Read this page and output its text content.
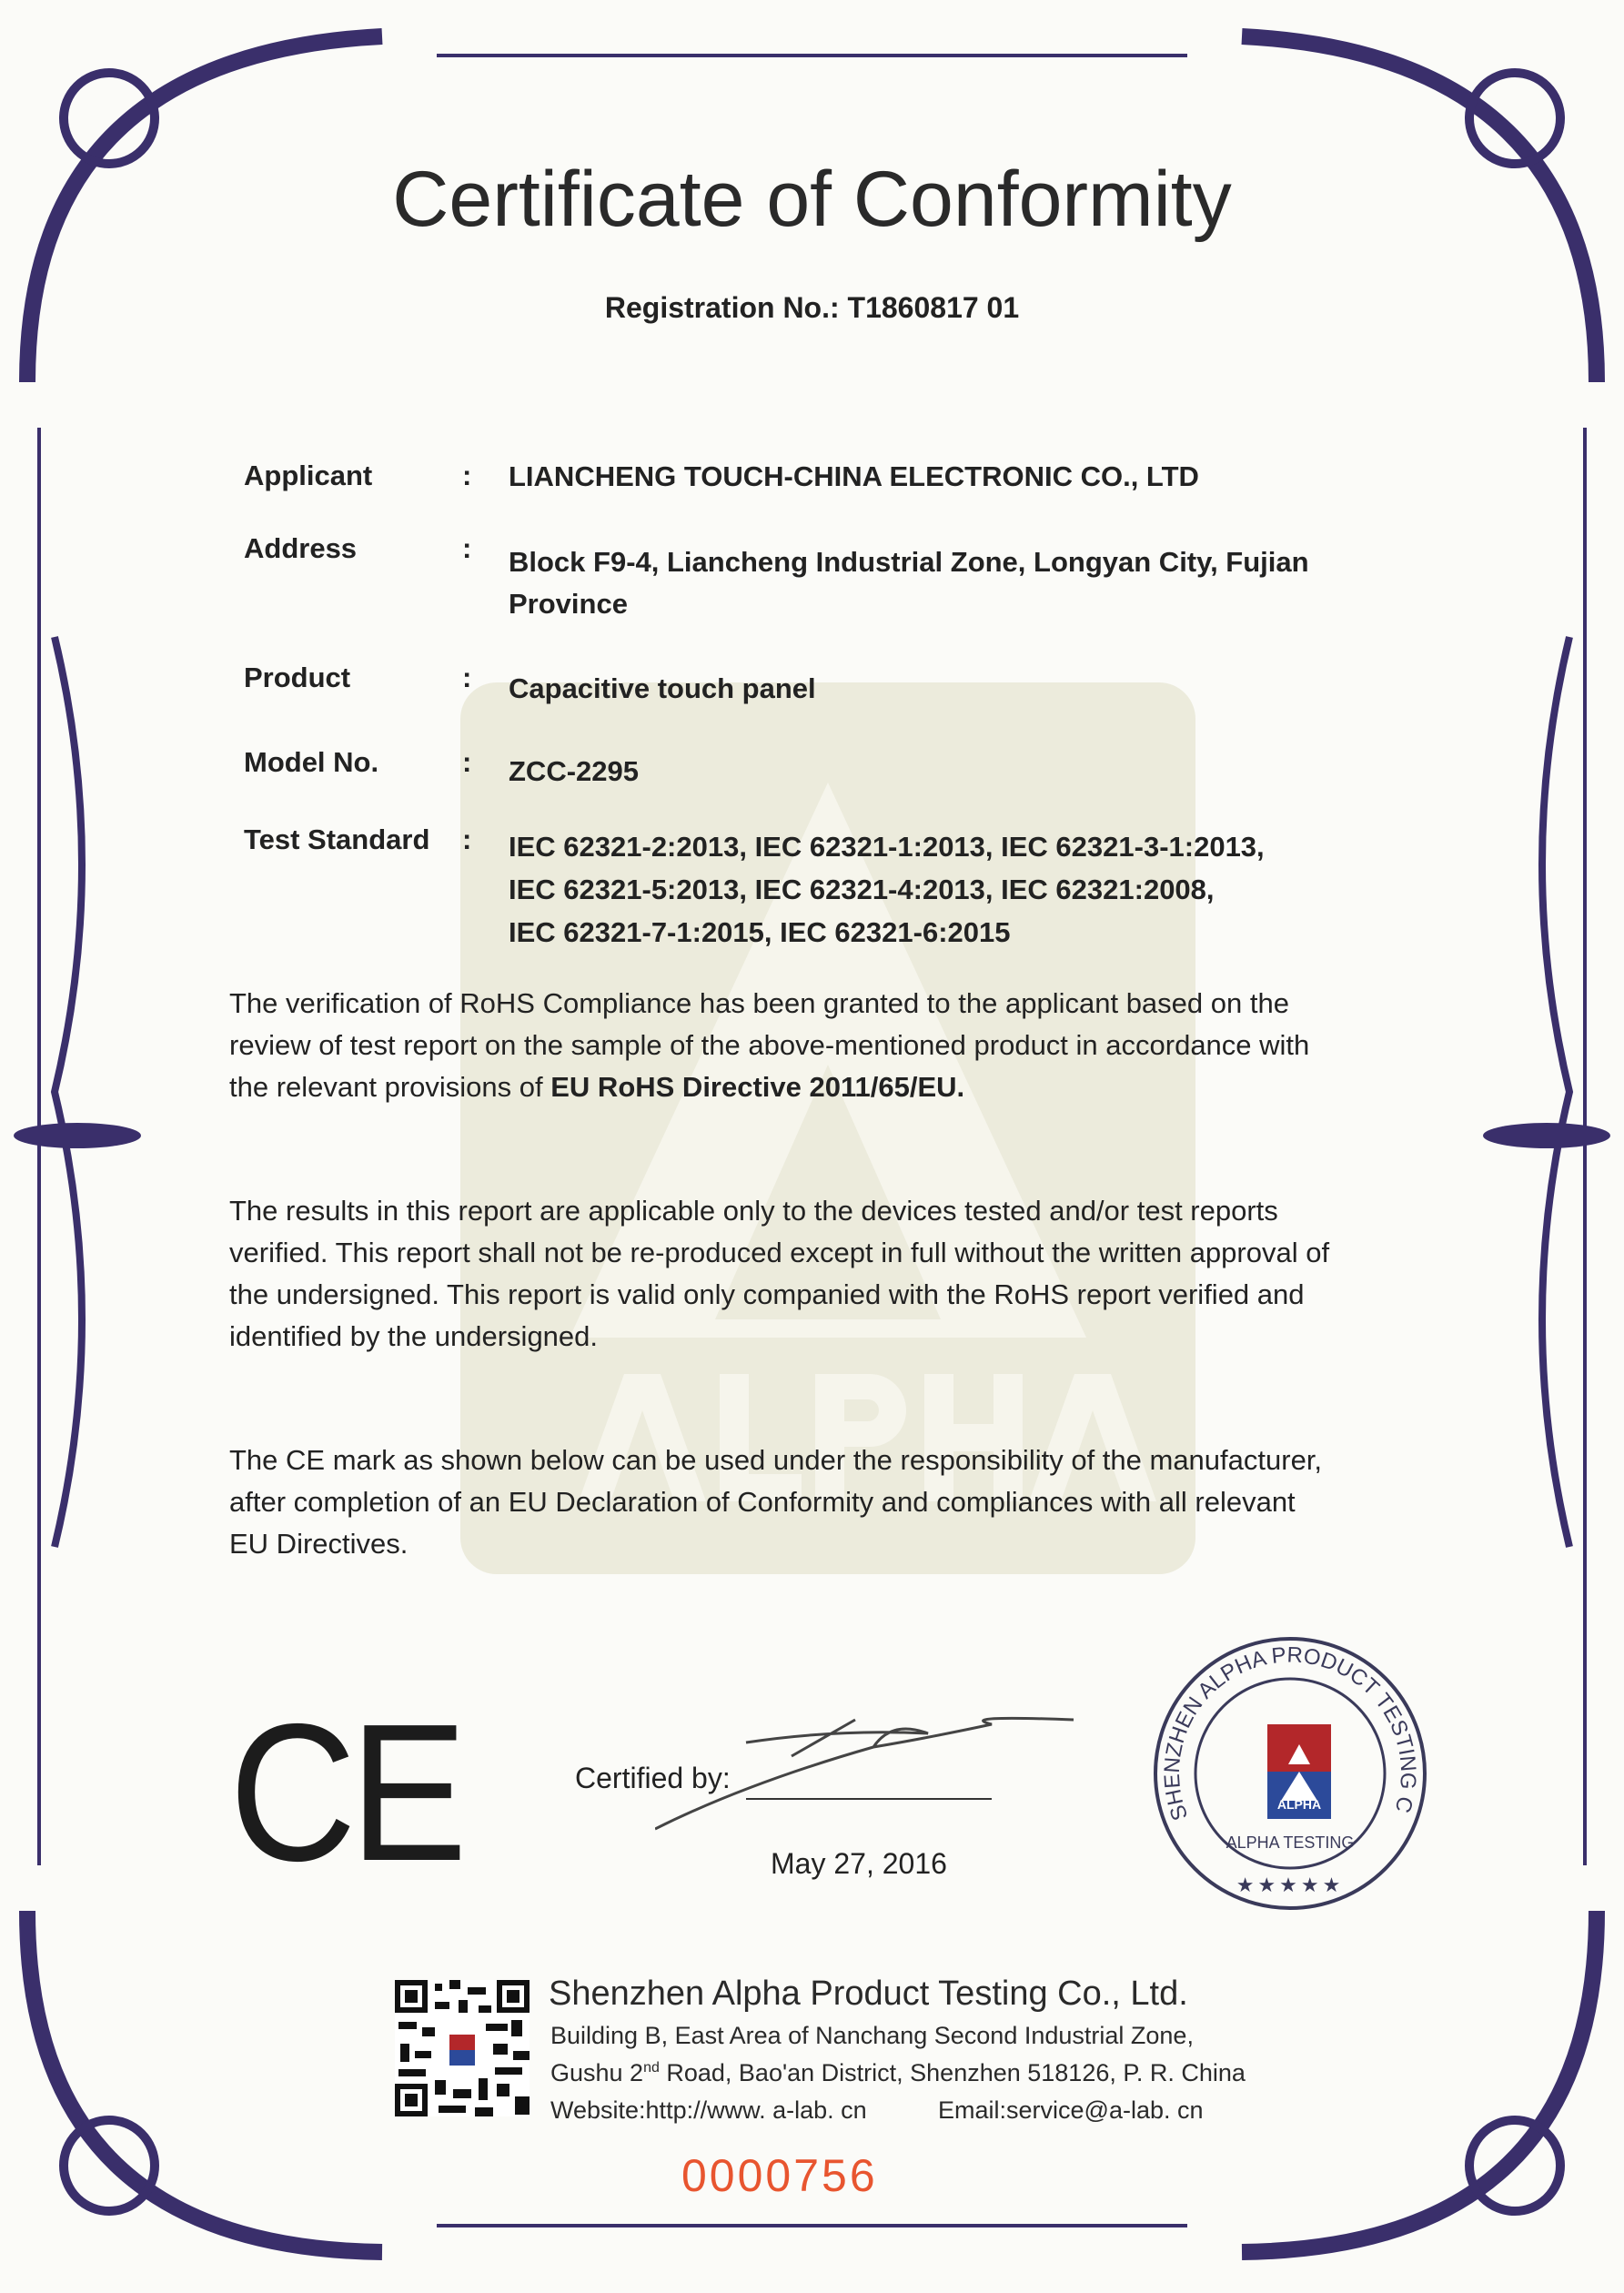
Certificate of Conformity
Registration No.: T1860817 01
Applicant	: LIANCHENG TOUCH-CHINA ELECTRONIC CO., LTD
Address	: Block F9-4, Liancheng Industrial Zone, Longyan City, Fujian
Province
Product	: Capacitive touch panel
Model No.	: ZCC-2295
Test Standard : IEC 62321-2:2013, IEC 62321-1:2013, IEC 62321-3-1:2013,
IEC 62321-5:2013, IEC 62321-4:2013, IEC 62321:2008,
IEC 62321-7-1:2015, IEC 62321-6:2015
The verification of RoHS Compliance has been granted to the applicant based on the
review of test report on the sample of the above-mentioned product in accordance with
the relevant provisions of EU RoHS Directive 2011/65/EU.
The results in this report are applicable only to the devices tested and/or test reports
verified. This report shall not be re-produced except in full without the written approval of
the undersigned. This report is valid only companied with the RoHS report verified and
identified by the undersigned.
The CE mark as shown below can be used under the responsibility of the manufacturer,
after completion of an EU Declaration of Conformity and compliances with all relevant
EU Directives.
CE	Certified by:
May 27, 2016
SHENZHEN ALPHA PRODUCT TESTING C
ALPHA
ALPHA TESTING
★★★★★
Shenzhen Alpha Product Testing Co., Ltd.
Building B, East Area of Nanchang Second Industrial Zone,
Gushu 2nd Road, Bao'an District, Shenzhen 518126, P. R. China
Website:http://www. a-lab. cn	Email:service@a-lab. cn
0000756
